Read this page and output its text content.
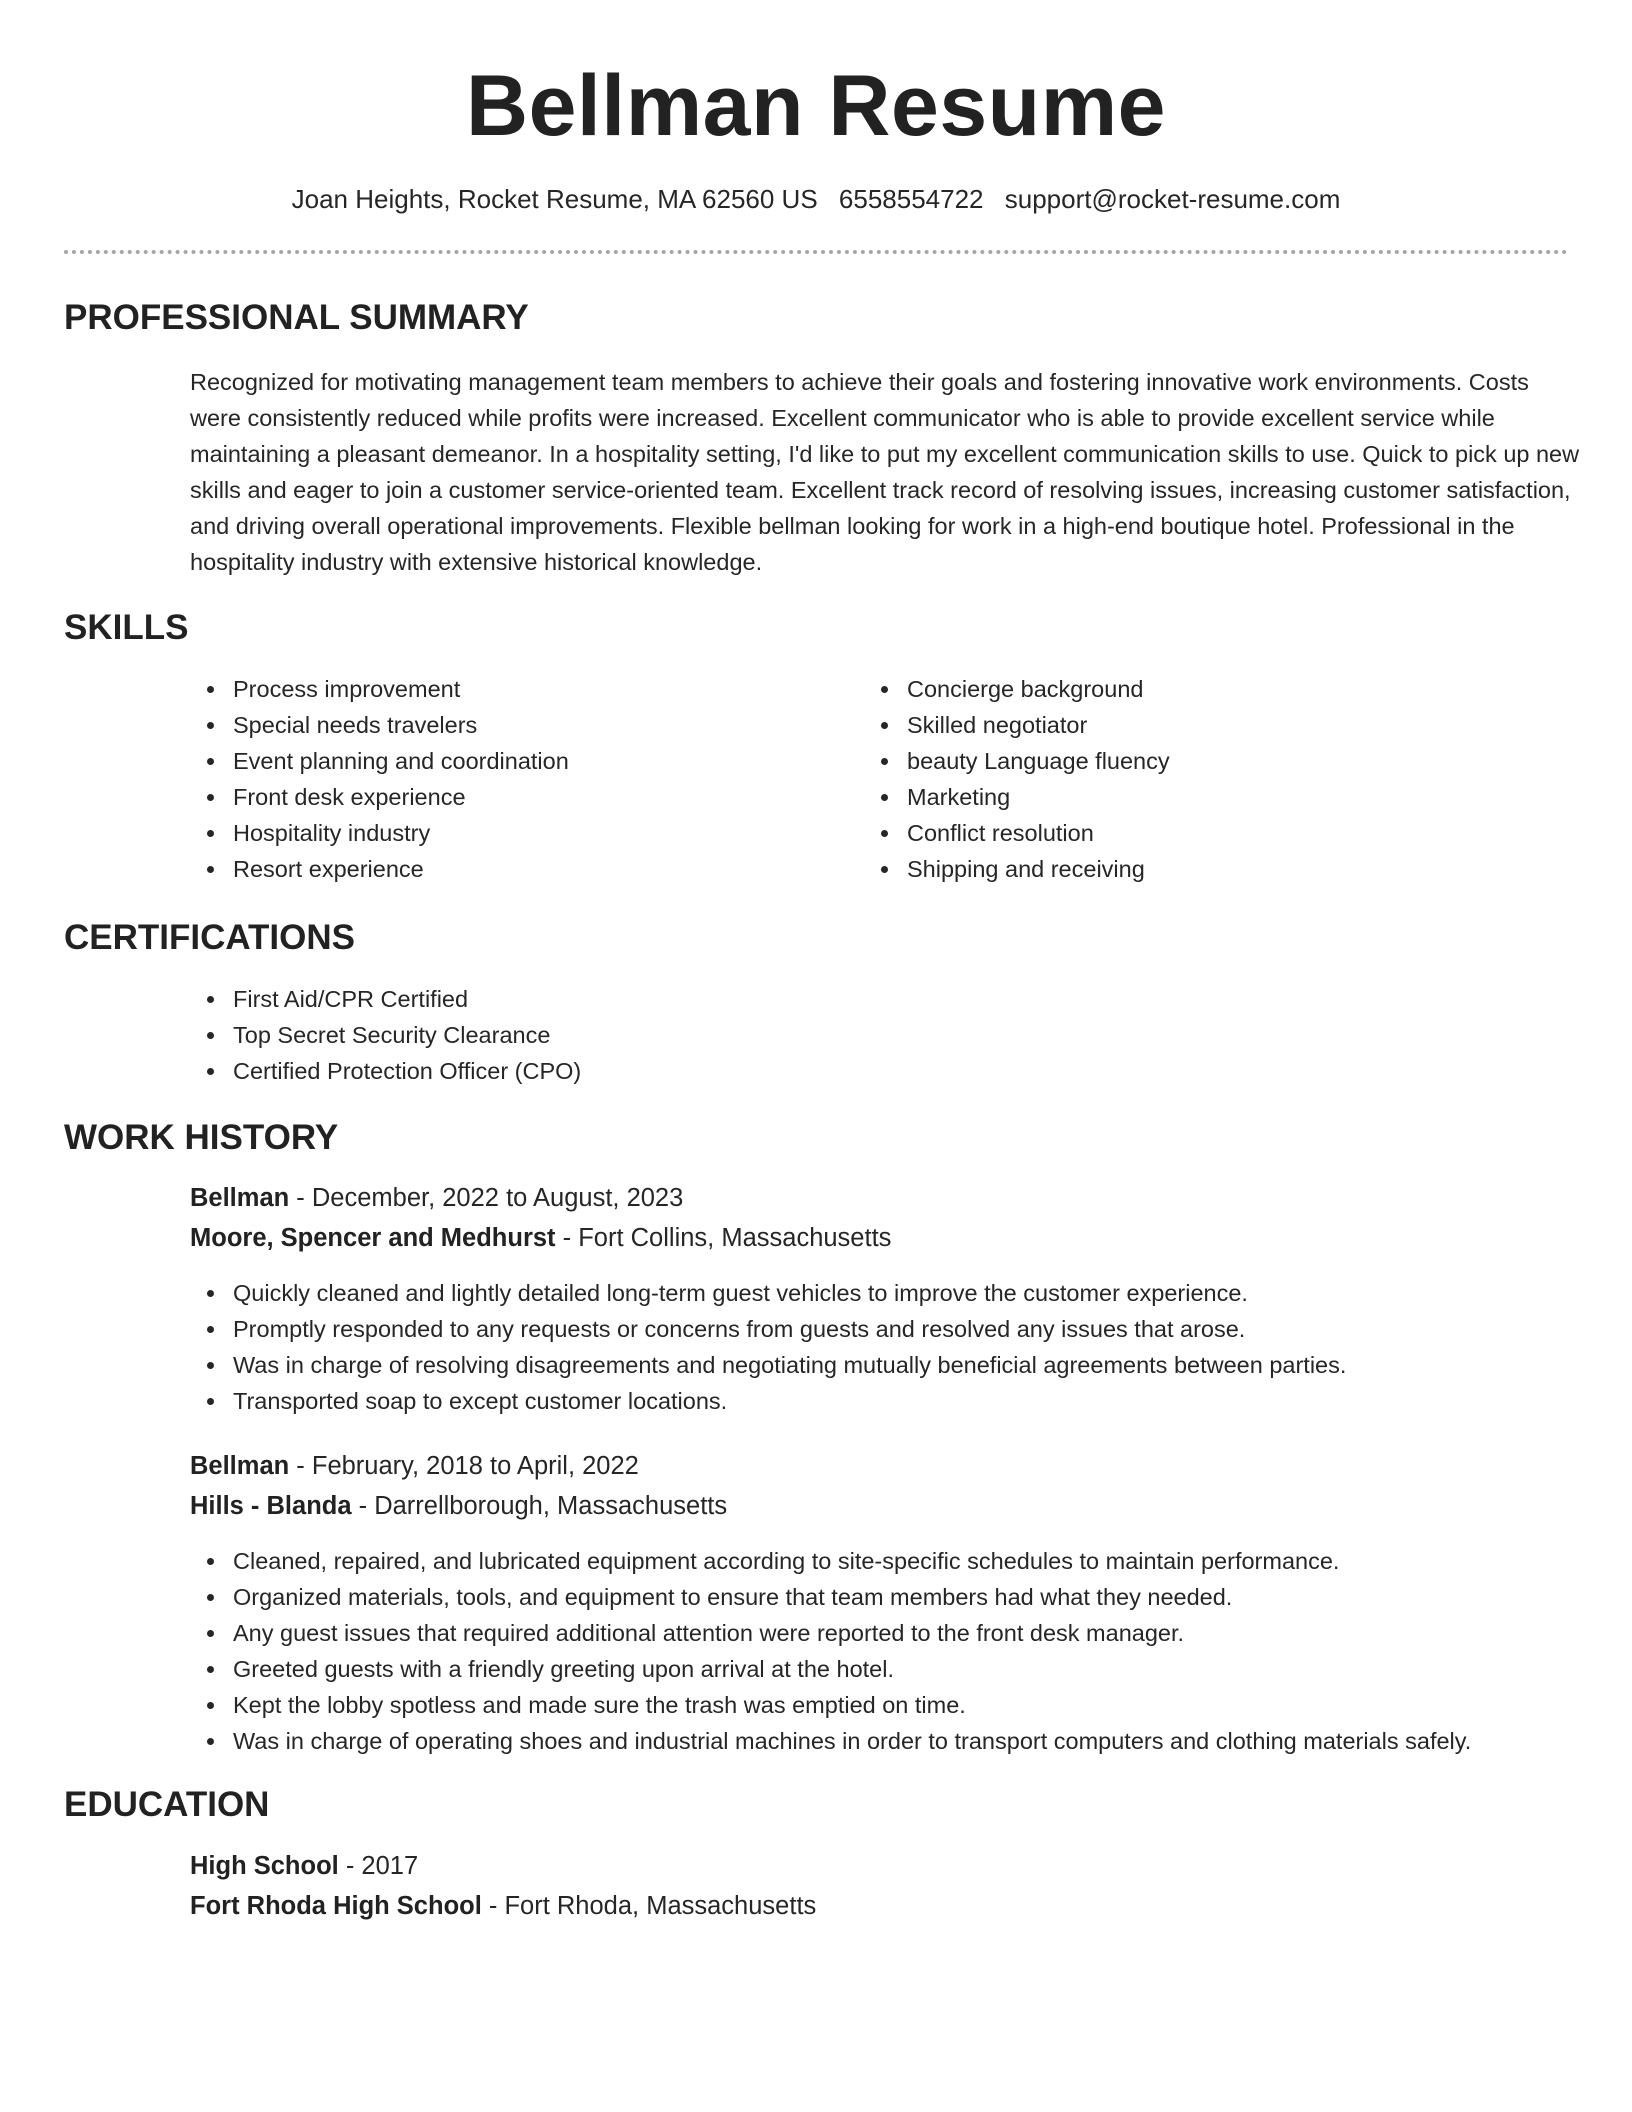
Bellman Resume
Joan Heights, Rocket Resume, MA 62560 US 6558554722 support@rocket-resume.com
PROFESSIONAL SUMMARY

Recognized for motivating management team members to achieve their goals and fostering innovative work environments. Costs were consistently reduced while profits were increased. Excellent communicator who is able to provide excellent service while maintaining a pleasant demeanor. In a hospitality setting, I'd like to put my excellent communication skills to use. Quick to pick up new skills and eager to join a customer service-oriented team. Excellent track record of resolving issues, increasing customer satisfaction, and driving overall operational improvements. Flexible bellman looking for work in a high-end boutique hotel. Professional in the hospitality industry with extensive historical knowledge.

SKILLS
Process improvement
Special needs travelers
Event planning and coordination
Front desk experience
Hospitality industry
Resort experience
Concierge background
Skilled negotiator
beauty Language fluency
Marketing
Conflict resolution
Shipping and receiving
CERTIFICATIONS
First Aid/CPR Certified
Top Secret Security Clearance
Certified Protection Officer (CPO)
WORK HISTORY
Bellman - December, 2022 to August, 2023
Moore, Spencer and Medhurst - Fort Collins, Massachusetts
Quickly cleaned and lightly detailed long-term guest vehicles to improve the customer experience.
Promptly responded to any requests or concerns from guests and resolved any issues that arose.
Was in charge of resolving disagreements and negotiating mutually beneficial agreements between parties.
Transported soap to except customer locations.
Bellman - February, 2018 to April, 2022
Hills - Blanda - Darrellborough, Massachusetts
Cleaned, repaired, and lubricated equipment according to site-specific schedules to maintain performance.
Organized materials, tools, and equipment to ensure that team members had what they needed.
Any guest issues that required additional attention were reported to the front desk manager.
Greeted guests with a friendly greeting upon arrival at the hotel.
Kept the lobby spotless and made sure the trash was emptied on time.
Was in charge of operating shoes and industrial machines in order to transport computers and clothing materials safely.
EDUCATION
High School - 2017
Fort Rhoda High School - Fort Rhoda, Massachusetts
